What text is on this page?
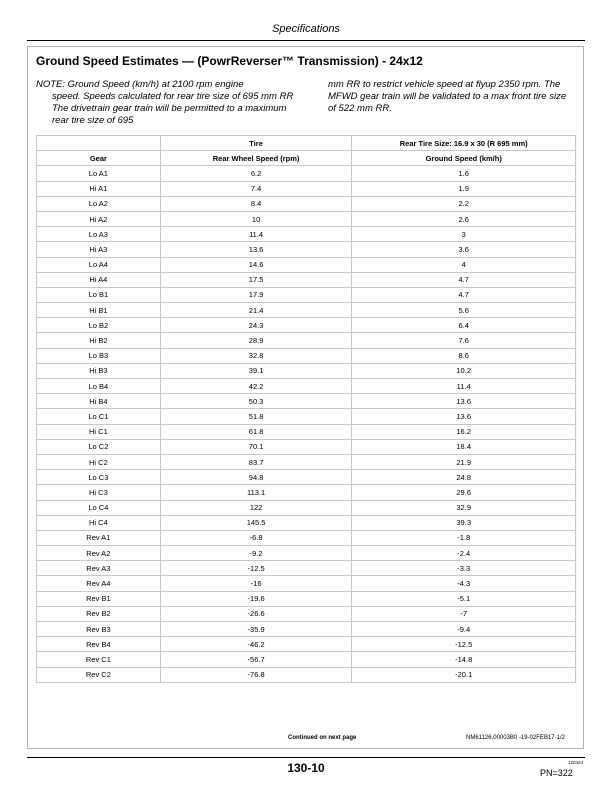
Specifications
Ground Speed Estimates — (PowrReverser™ Transmission) - 24x12
NOTE: Ground Speed (km/h) at 2100 rpm engine
speed. Speeds calculated for rear tire size of 695 mm RR The drivetrain gear train will be permitted to a maximum rear tire size of 695
mm RR to restrict vehicle speed at flyup 2350 rpm. The MFWD gear train will be validated to a max front tire size of 522 mm RR.
	Tire	Rear Tire Size: 16.9 x 30 (R 695 mm)
Gear	Rear Wheel Speed (rpm)	Ground Speed (km/h)
Lo A1	6.2	1.6
Hi A1	7.4	1.9
Lo A2	8.4	2.2
Hi A2	10	2.6
Lo A3	11.4	3
Hi A3	13.6	3.6
Lo A4	14.6	4
Hi A4	17.5	4.7
Lo B1	17.9	4.7
Hi B1	21.4	5.6
Lo B2	24.3	6.4
Hi B2	28.9	7.6
Lo B3	32.8	8.6
Hi B3	39.1	10.2
Lo B4	42.2	11.4
Hi B4	50.3	13.6
Lo C1	51.8	13.6
Hi C1	61.8	16.2
Lo C2	70.1	18.4
Hi C2	83.7	21.9
Lo C3	94.8	24.8
Hi C3	113.1	29.6
Lo C4	122	32.9
Hi C4	145.5	39.3
Rev A1	-6.8	-1.8
Rev A2	-9.2	-2.4
Rev A3	-12.5	-3.3
Rev A4	-16	-4.3
Rev B1	-19.6	-5.1
Rev B2	-26.6	-7
Rev B3	-35.9	-9.4
Rev B4	-46.2	-12.5
Rev C1	-56.7	-14.8
Rev C2	-76.8	-20.1
Continued on next page	NM61126,00003B0 -19-02FEB17-1/2
130-10	120424
PN=322
